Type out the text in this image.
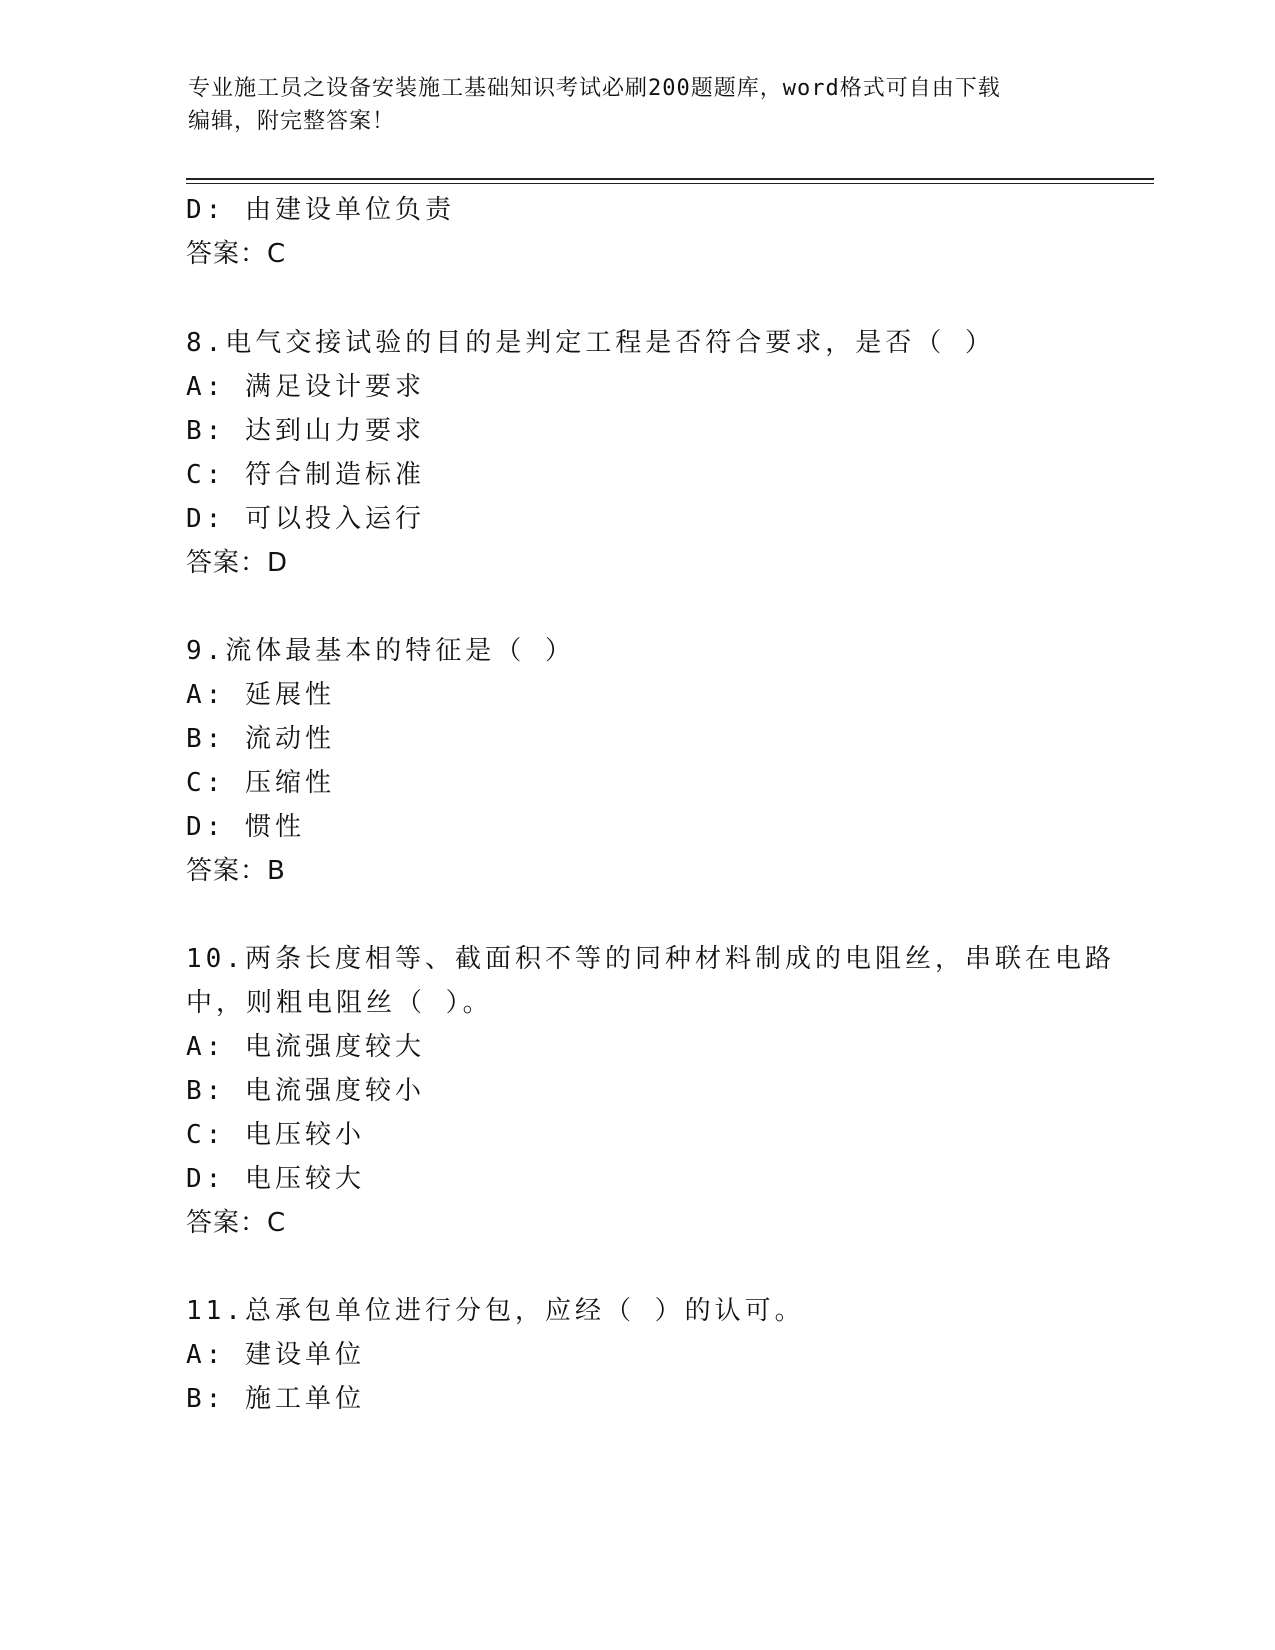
专业施工员之设备安装施工基础知识考试必刷200题题库，word格式可自由下载
编辑，附完整答案！
D: 由建设单位负责
答案：C
8.电气交接试验的目的是判定工程是否符合要求，是否（ ）
A: 满足设计要求
B: 达到山力要求
C: 符合制造标准
D: 可以投入运行
答案：D
9.流体最基本的特征是（ ）
A: 延展性
B: 流动性
C: 压缩性
D: 惯性
答案：B
10.两条长度相等、截面积不等的同种材料制成的电阻丝，串联在电路
中，则粗电阻丝（ ）。
A: 电流强度较大
B: 电流强度较小
C: 电压较小
D: 电压较大
答案：C
11.总承包单位进行分包，应经（ ）的认可。
A: 建设单位
B: 施工单位
